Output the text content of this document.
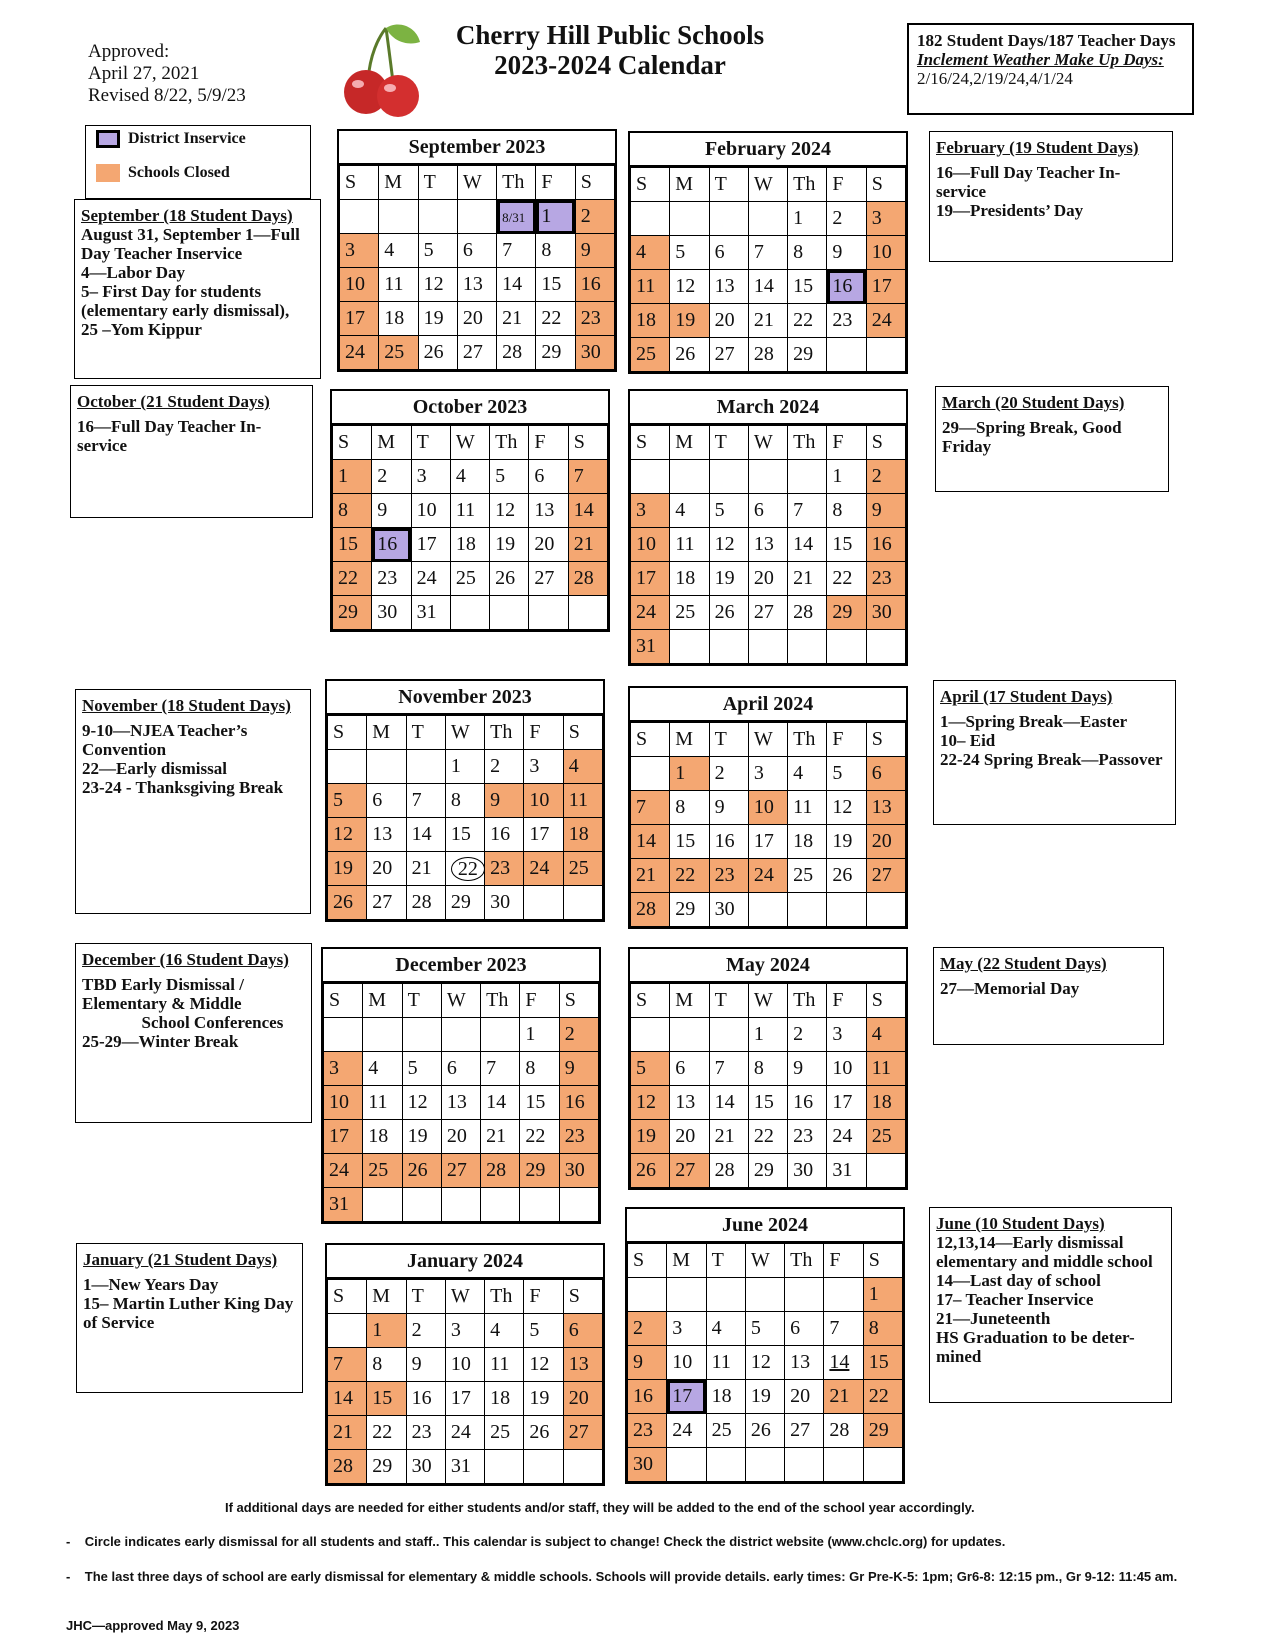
Approved:
April 27, 2021
Revised 8/22, 5/9/23
Cherry Hill Public Schools
2023-2024 Calendar
182 Student Days/187 Teacher Days
Inclement Weather Make Up Days:
2/16/24,2/19/24,4/1/24
District Inservice
Schools Closed
September (18 Student Days)
August 31, September 1—Full Day Teacher Inservice
4—Labor Day
5– First Day for students (elementary early dismissal),
25 –Yom Kippur
October (21 Student Days)
16—Full Day Teacher In-service
November (18 Student Days)
9-10—NJEA Teacher’s Convention
22—Early dismissal
23-24 - Thanksgiving Break
December (16 Student Days)
TBD Early Dismissal / Elementary & Middle
School Conferences
25-29—Winter Break
January (21 Student Days)
1—New Years Day
15– Martin Luther King Day of Service
February (19 Student Days)
16—Full Day Teacher In-service
19—Presidents’ Day
March (20 Student Days)
29—Spring Break, Good Friday
April (17 Student Days)
1—Spring Break—Easter
10– Eid
22-24 Spring Break—Passover
May (22 Student Days)
27—Memorial Day
June (10 Student Days)
12,13,14—Early dismissal elementary and middle school
14—Last day of school
17– Teacher Inservice
21—Juneteenth
HS Graduation to be deter-mined
September 2023
S	M	T	W	Th	F	S
				8/31	1	2
3	4	5	6	7	8	9
10	11	12	13	14	15	16
17	18	19	20	21	22	23
24	25	26	27	28	29	30
October 2023
S	M	T	W	Th	F	S
1	2	3	4	5	6	7
8	9	10	11	12	13	14
15	16	17	18	19	20	21
22	23	24	25	26	27	28
29	30	31				
November 2023
S	M	T	W	Th	F	S
			1	2	3	4
5	6	7	8	9	10	11
12	13	14	15	16	17	18
19	20	21	22	23	24	25
26	27	28	29	30		
December 2023
S	M	T	W	Th	F	S
					1	2
3	4	5	6	7	8	9
10	11	12	13	14	15	16
17	18	19	20	21	22	23
24	25	26	27	28	29	30
31						
January 2024
S	M	T	W	Th	F	S
	1	2	3	4	5	6
7	8	9	10	11	12	13
14	15	16	17	18	19	20
21	22	23	24	25	26	27
28	29	30	31			
February 2024
S	M	T	W	Th	F	S
				1	2	3
4	5	6	7	8	9	10
11	12	13	14	15	16	17
18	19	20	21	22	23	24
25	26	27	28	29		
March 2024
S	M	T	W	Th	F	S
					1	2
3	4	5	6	7	8	9
10	11	12	13	14	15	16
17	18	19	20	21	22	23
24	25	26	27	28	29	30
31						
April 2024
S	M	T	W	Th	F	S
	1	2	3	4	5	6
7	8	9	10	11	12	13
14	15	16	17	18	19	20
21	22	23	24	25	26	27
28	29	30				
May 2024
S	M	T	W	Th	F	S
			1	2	3	4
5	6	7	8	9	10	11
12	13	14	15	16	17	18
19	20	21	22	23	24	25
26	27	28	29	30	31	
June 2024
S	M	T	W	Th	F	S
						1
2	3	4	5	6	7	8
9	10	11	12	13	14	15
16	17	18	19	20	21	22
23	24	25	26	27	28	29
30						
If additional days are needed for either students and/or staff, they will be added to the end of the school year accordingly.
-    Circle indicates early dismissal for all students and staff.. This calendar is subject to change! Check the district website (www.chclc.org) for updates.
-    The last three days of school are early dismissal for elementary & middle schools. Schools will provide details. early times: Gr Pre-K-5: 1pm; Gr6-8: 12:15 pm., Gr 9-12: 11:45 am.
JHC—approved May 9, 2023
